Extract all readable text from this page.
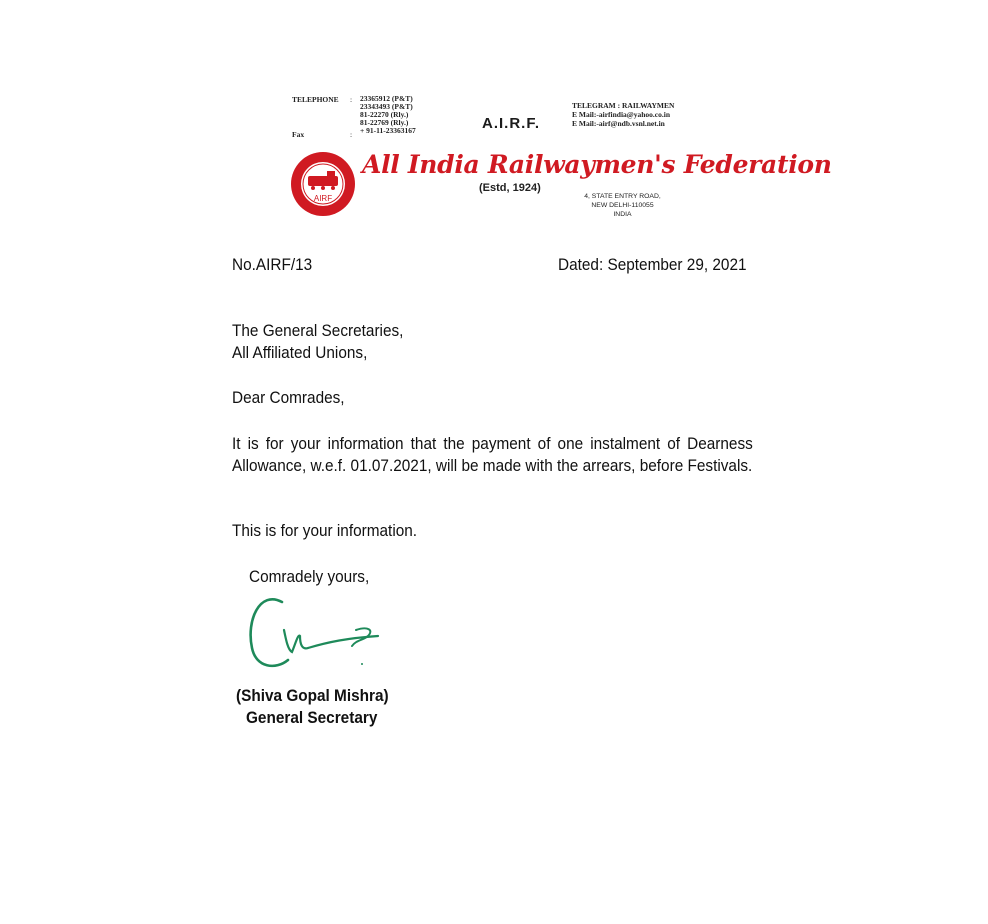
TELEPHONE : 23365912 (P&T)
23343493 (P&T)
81-22270 (Rly.)
81-22769 (Rly.)
+ 91-11-23363167
Fax	:
A.I.R.F.
TELEGRAM : RAILWAYMEN
E Mail:-airfindia@yahoo.co.in
E Mail:-airf@ndb.vsnl.net.in
AIRF
All India Railwaymen's Federation
(Estd, 1924)
4, STATE ENTRY ROAD,
NEW DELHI-110055
INDIA
No.AIRF/13	Dated: September 29, 2021
The General Secretaries,
All Affiliated Unions,
Dear Comrades,
It is for your information that the payment of one instalment of Dearness Allowance, w.e.f. 01.07.2021, will be made with the arrears, before Festivals.
This is for your information.
Comradely yours,
(Shiva Gopal Mishra)
General Secretary
